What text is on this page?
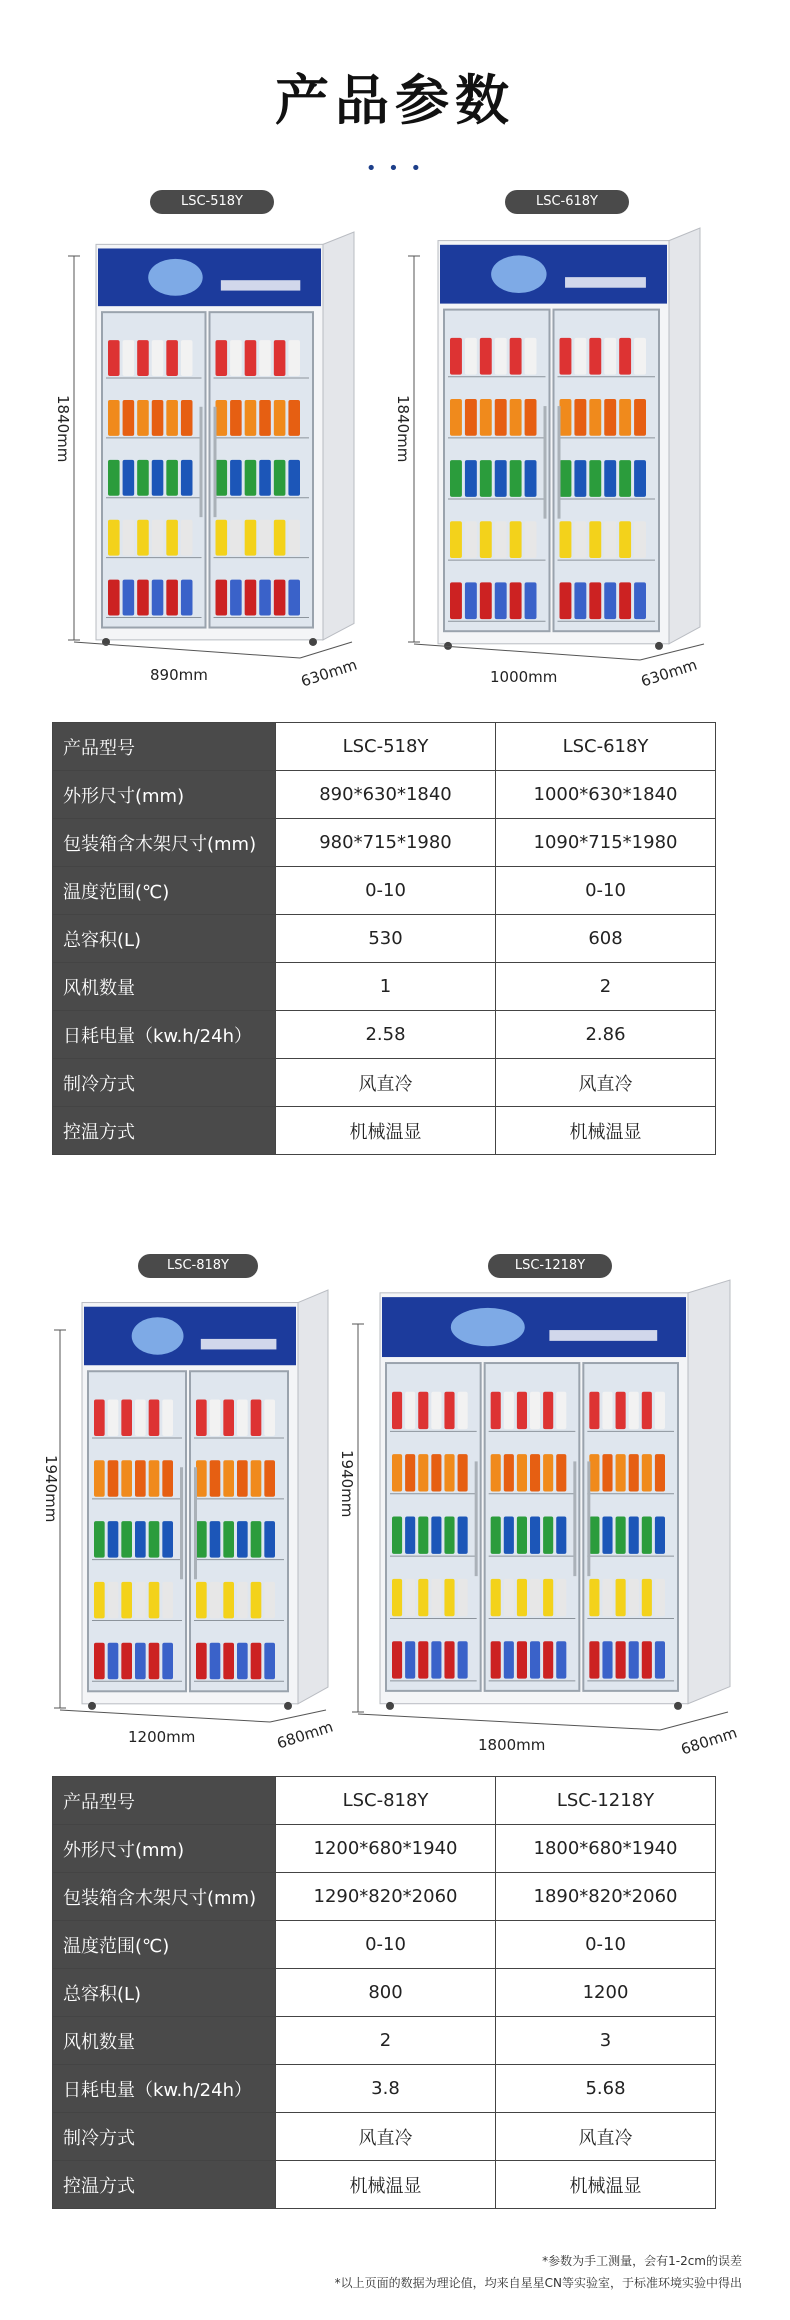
产品参数
• • •
LSC-518Y	LSC-618Y
1840mm
890mm	630mm
1840mm
1000mm	630mm
产品型号	LSC-518Y	LSC-618Y
外形尺寸(mm)	890*630*1840	1000*630*1840
包装箱含木架尺寸(mm)	980*715*1980	1090*715*1980
温度范围(℃)	0-10	0-10
总容积(L)	530	608
风机数量	1	2
日耗电量（kw.h/24h）	2.58	2.86
制冷方式	风直冷	风直冷
控温方式	机械温显	机械温显
LSC-818Y	LSC-1218Y
1940mm
1200mm	680mm
1940mm
1800mm	680mm
产品型号	LSC-818Y	LSC-1218Y
外形尺寸(mm)	1200*680*1940	1800*680*1940
包装箱含木架尺寸(mm)	1290*820*2060	1890*820*2060
温度范围(℃)	0-10	0-10
总容积(L)	800	1200
风机数量	2	3
日耗电量（kw.h/24h）	3.8	5.68
制冷方式	风直冷	风直冷
控温方式	机械温显	机械温显
*参数为手工测量，会有1-2cm的误差
*以上页面的数据为理论值，均来自星星CN等实验室，于标准环境实验中得出
